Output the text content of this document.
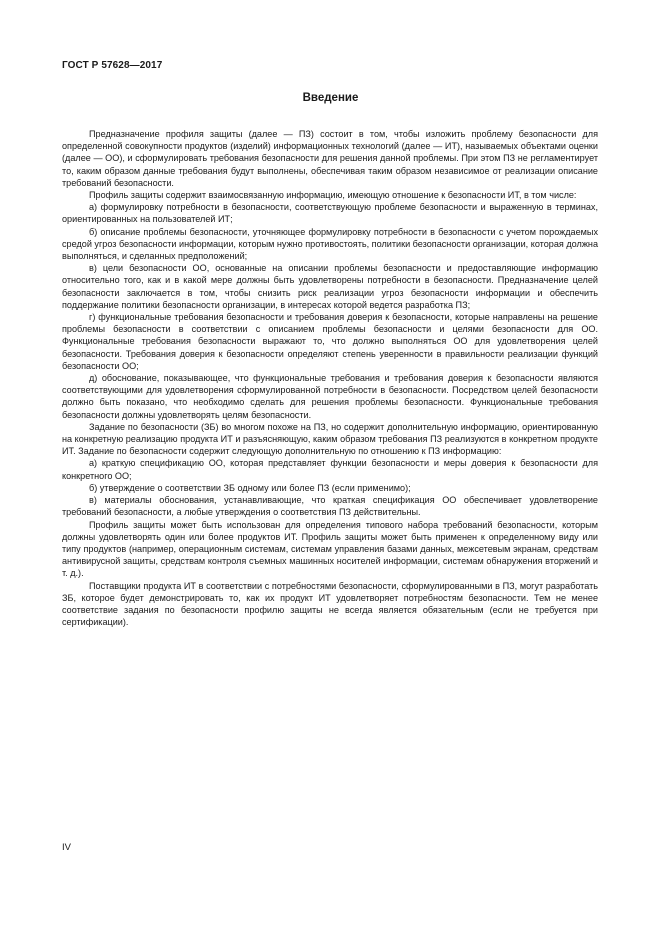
ГОСТ Р 57628—2017
Введение

Предназначение профиля защиты (далее — ПЗ) состоит в том, чтобы изложить проблему безопасности для определенной совокупности продуктов (изделий) информационных технологий (далее — ИТ), называемых объектами оценки (далее — ОО), и сформулировать требования безопасности для решения данной проблемы. При этом ПЗ не регламентирует то, каким образом данные требования будут выполнены, обеспечивая таким образом независимое от реализации описание требований безопасности.

Профиль защиты содержит взаимосвязанную информацию, имеющую отношение к безопасности ИТ, в том числе:

а) формулировку потребности в безопасности, соответствующую проблеме безопасности и выраженную в терминах, ориентированных на пользователей ИТ;

б) описание проблемы безопасности, уточняющее формулировку потребности в безопасности с учетом порождаемых средой угроз безопасности информации, которым нужно противостоять, политики безопасности организации, которая должна выполняться, и сделанных предположений;

в) цели безопасности ОО, основанные на описании проблемы безопасности и предоставляющие информацию относительно того, как и в какой мере должны быть удовлетворены потребности в безопасности. Предназначение целей безопасности заключается в том, чтобы снизить риск реализации угроз безопасности информации и обеспечить поддержание политики безопасности организации, в интересах которой ведется разработка ПЗ;

г) функциональные требования безопасности и требования доверия к безопасности, которые направлены на решение проблемы безопасности в соответствии с описанием проблемы безопасности и целями безопасности для ОО. Функциональные требования безопасности выражают то, что должно выполняться ОО для удовлетворения целей безопасности. Требования доверия к безопасности определяют степень уверенности в правильности реализации функций безопасности ОО;

д) обоснование, показывающее, что функциональные требования и требования доверия к безопасности являются соответствующими для удовлетворения сформулированной потребности в безопасности. Посредством целей безопасности должно быть показано, что необходимо сделать для решения проблемы безопасности. Функциональные требования безопасности должны удовлетворять целям безопасности.

Задание по безопасности (ЗБ) во многом похоже на ПЗ, но содержит дополнительную информацию, ориентированную на конкретную реализацию продукта ИТ и разъясняющую, каким образом требования ПЗ реализуются в конкретном продукте ИТ. Задание по безопасности содержит следующую дополнительную по отношению к ПЗ информацию:

а) краткую спецификацию ОО, которая представляет функции безопасности и меры доверия к безопасности для конкретного ОО;

б) утверждение о соответствии ЗБ одному или более ПЗ (если применимо);

в) материалы обоснования, устанавливающие, что краткая спецификация ОО обеспечивает удовлетворение требований безопасности, а любые утверждения о соответствия ПЗ действительны.

Профиль защиты может быть использован для определения типового набора требований безопасности, которым должны удовлетворять один или более продуктов ИТ. Профиль защиты может быть применен к определенному виду или типу продуктов (например, операционным системам, системам управления базами данных, межсетевым экранам, средствам антивирусной защиты, средствам контроля съемных машинных носителей информации, системам обнаружения вторжений и т. д.).

Поставщики продукта ИТ в соответствии с потребностями безопасности, сформулированными в ПЗ, могут разработать ЗБ, которое будет демонстрировать то, как их продукт ИТ удовлетворяет потребностям безопасности. Тем не менее соответствие задания по безопасности профилю защиты не всегда является обязательным (если не требуется при сертификации).

IV
